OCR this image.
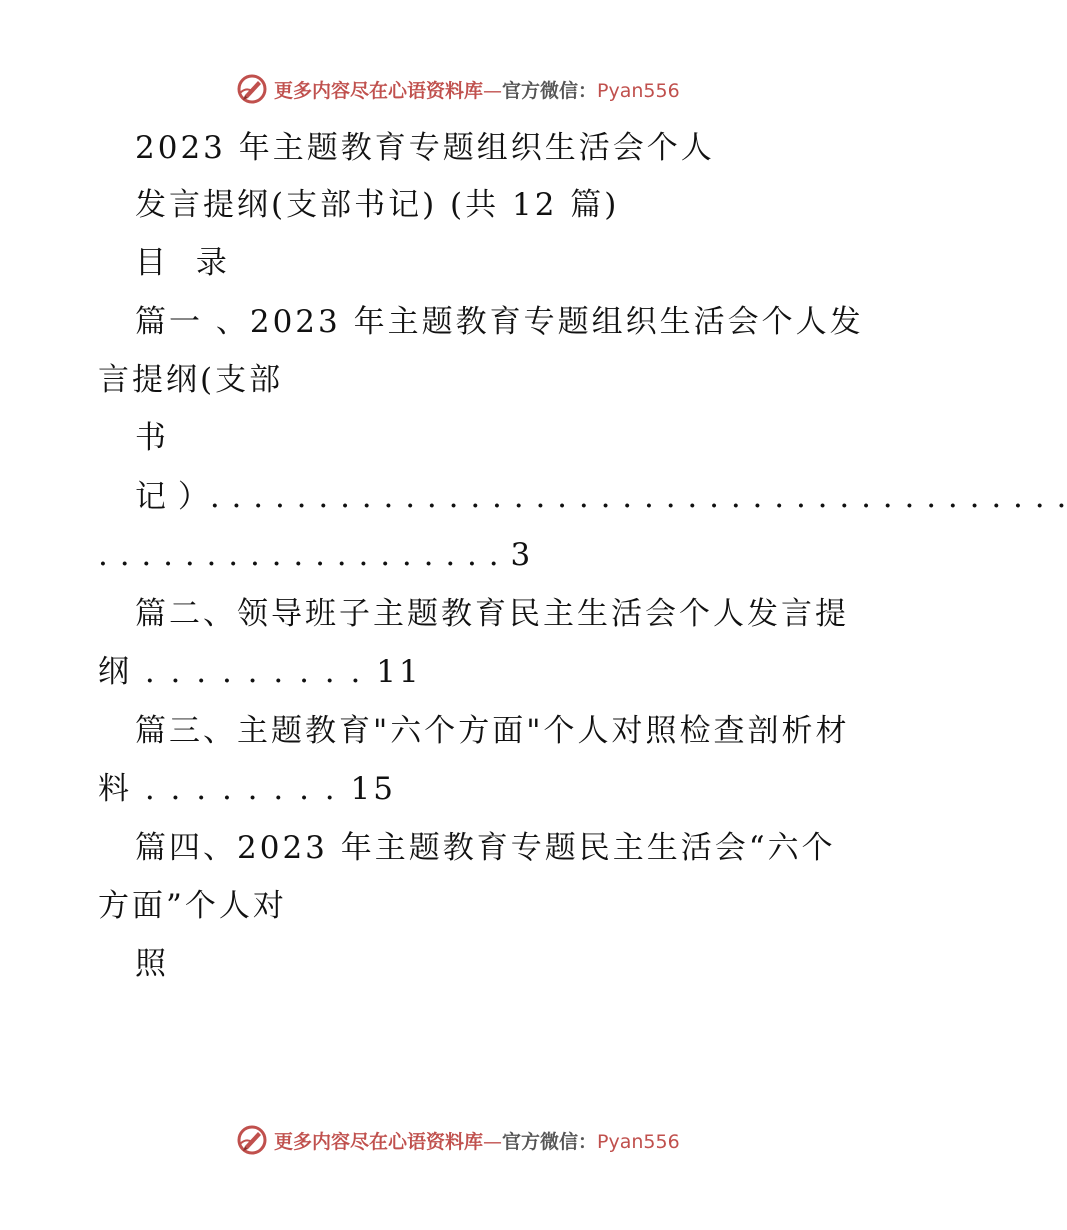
更多内容尽在心语资料库—官方微信：Pyan556
2023 年主题教育专题组织生活会个人
发言提纲(支部书记) (共 12 篇)
目 录
篇一 、2023 年主题教育专题组织生活会个人发
言提纲(支部
书
记 ）. . . . . . . . . . . . . . . . . . . . . . . . . . . . . . . . . . . . . . . .
. . . . . . . . . . . . . . . . . . . 3
篇二、领导班子主题教育民主生活会个人发言提
纲 . . . . . . . . . 11
篇三、主题教育"六个方面"个人对照检查剖析材
料 . . . . . . . . 15
篇四、2023 年主题教育专题民主生活会“六个
方面”个人对
照
更多内容尽在心语资料库—官方微信：Pyan556
